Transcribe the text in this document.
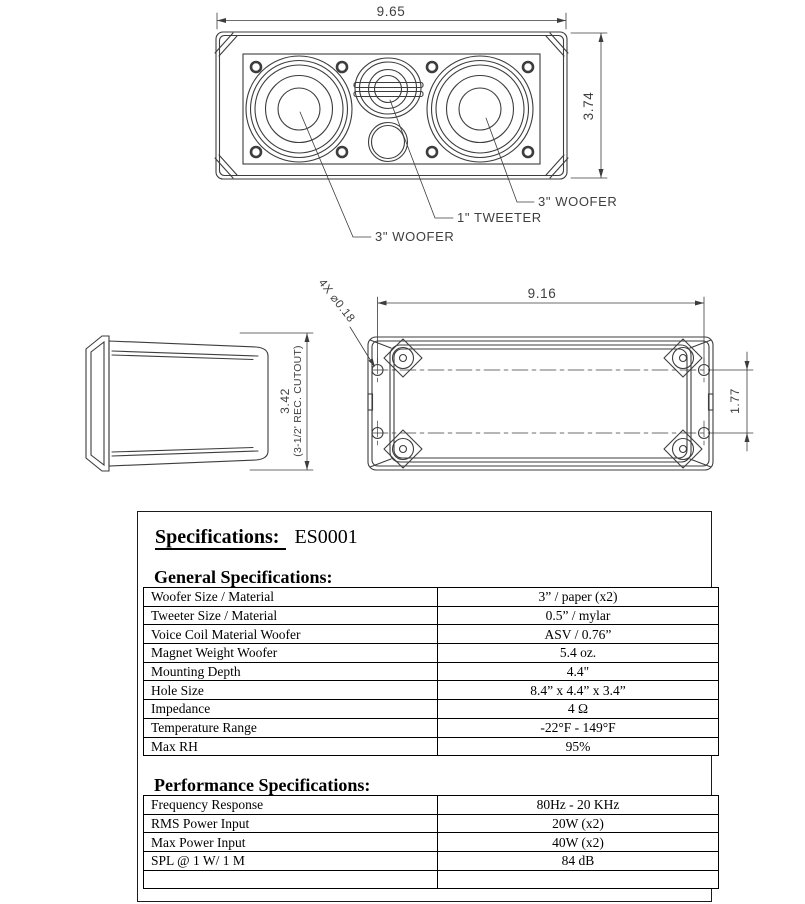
9.65
3.74
3" WOOFER
1" TWEETER
3" WOOFER
3.42 (3-1/2' REC. CUTOUT)
9.16
1.77
4X ⌀0.18
Specifications: ES0001
General Specifications:
Woofer Size / Material	3” / paper (x2)
Tweeter Size / Material	0.5” / mylar
Voice Coil Material Woofer	ASV / 0.76”
Magnet Weight Woofer	5.4 oz.
Mounting Depth	4.4"
Hole Size	8.4” x 4.4” x 3.4”
Impedance	4 Ω
Temperature Range	-22°F - 149°F
Max RH	95%
Performance Specifications:
Frequency Response	80Hz - 20 KHz
RMS Power Input	20W (x2)
Max Power Input	40W (x2)
SPL @ 1 W/ 1 M	84 dB
